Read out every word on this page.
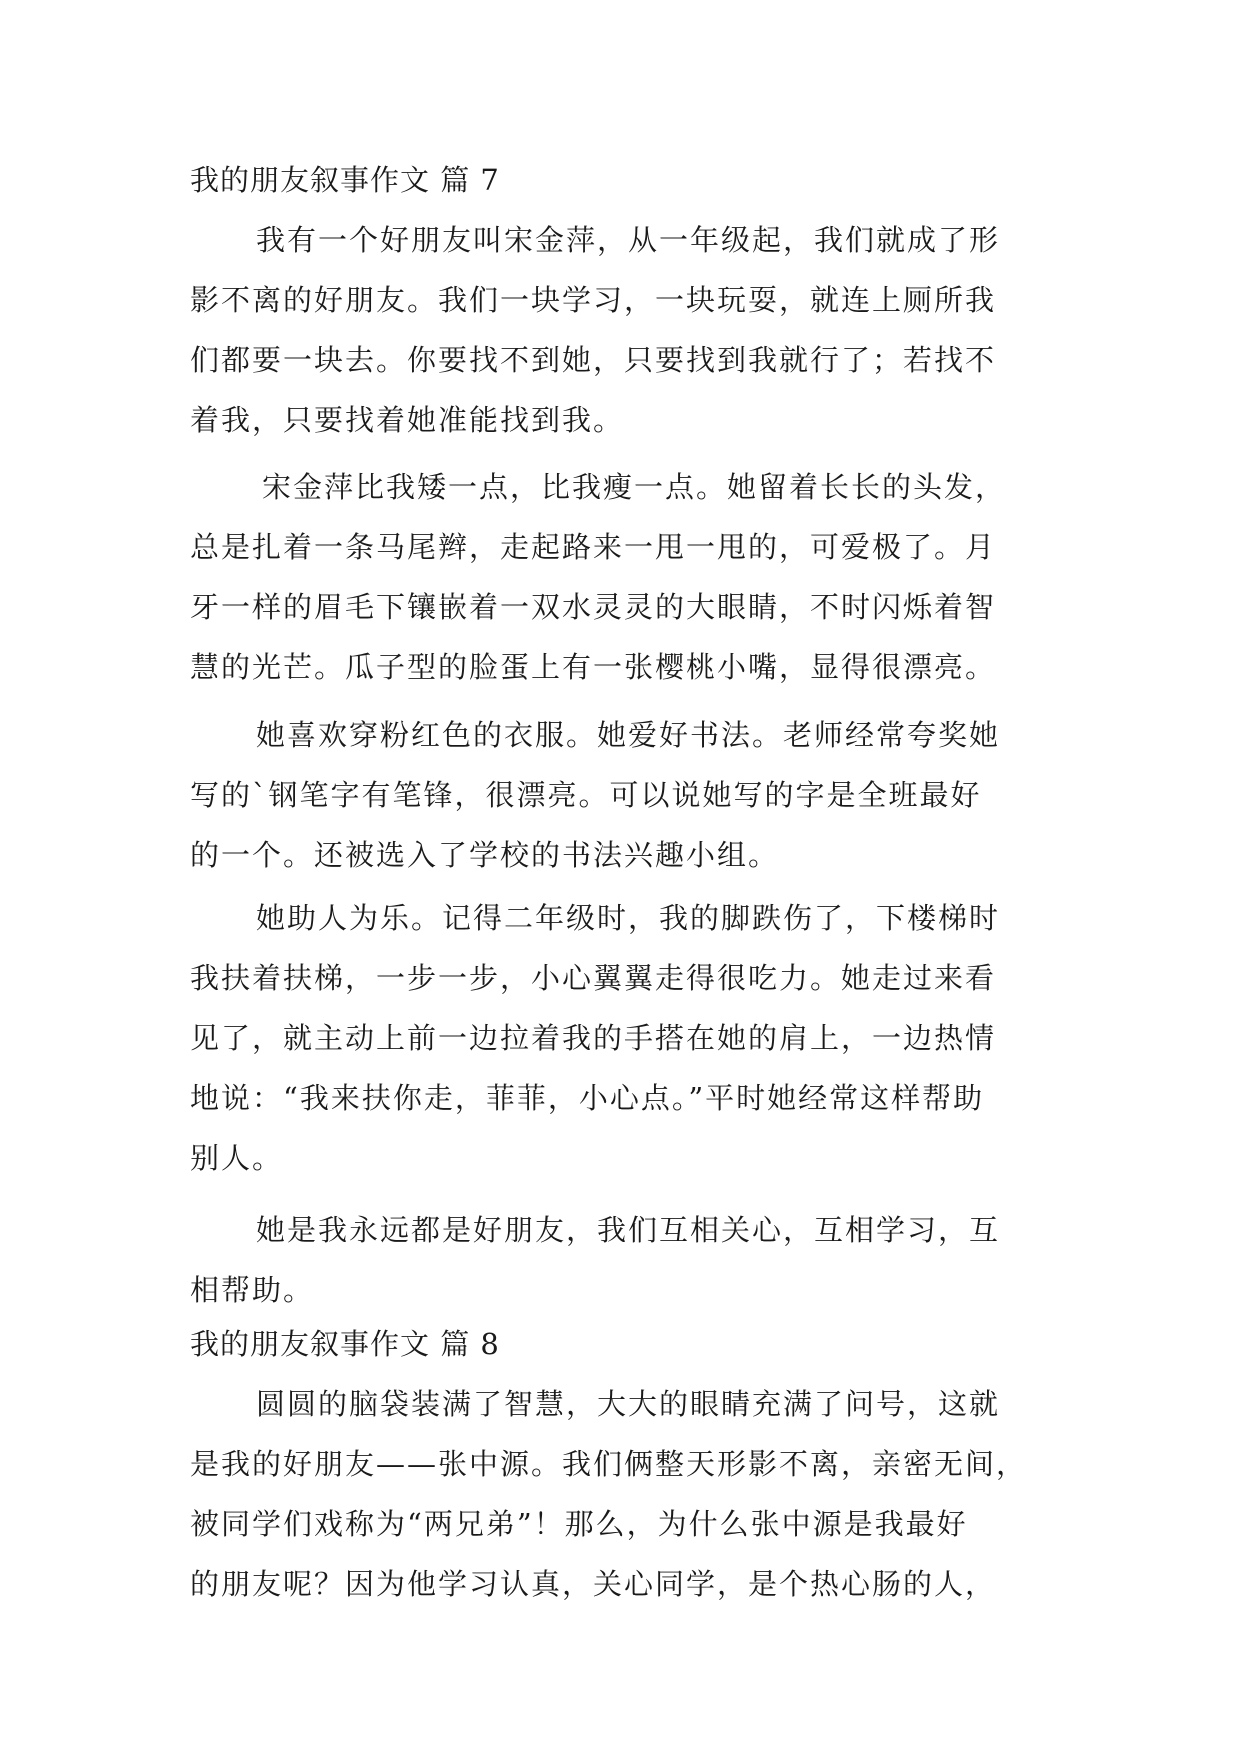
我的朋友叙事作文 篇 7
我有一个好朋友叫宋金萍，从一年级起，我们就成了形
影不离的好朋友。我们一块学习，一块玩耍，就连上厕所我
们都要一块去。你要找不到她，只要找到我就行了；若找不
着我，只要找着她准能找到我。
宋金萍比我矮一点，比我瘦一点。她留着长长的头发，
总是扎着一条马尾辫，走起路来一甩一甩的，可爱极了。月
牙一样的眉毛下镶嵌着一双水灵灵的大眼睛，不时闪烁着智
慧的光芒。瓜子型的脸蛋上有一张樱桃小嘴，显得很漂亮。
她喜欢穿粉红色的衣服。她爱好书法。老师经常夸奖她
写的`钢笔字有笔锋，很漂亮。可以说她写的字是全班最好
的一个。还被选入了学校的书法兴趣小组。
她助人为乐。记得二年级时，我的脚跌伤了，下楼梯时
我扶着扶梯，一步一步，小心翼翼走得很吃力。她走过来看
见了，就主动上前一边拉着我的手搭在她的肩上，一边热情
地说：“我来扶你走，菲菲，小心点。”平时她经常这样帮助
别人。
她是我永远都是好朋友，我们互相关心，互相学习，互
相帮助。
我的朋友叙事作文 篇 8
圆圆的脑袋装满了智慧，大大的眼睛充满了问号，这就
是我的好朋友——张中源。我们俩整天形影不离，亲密无间，
被同学们戏称为“两兄弟”！那么，为什么张中源是我最好
的朋友呢？因为他学习认真，关心同学，是个热心肠的人，
